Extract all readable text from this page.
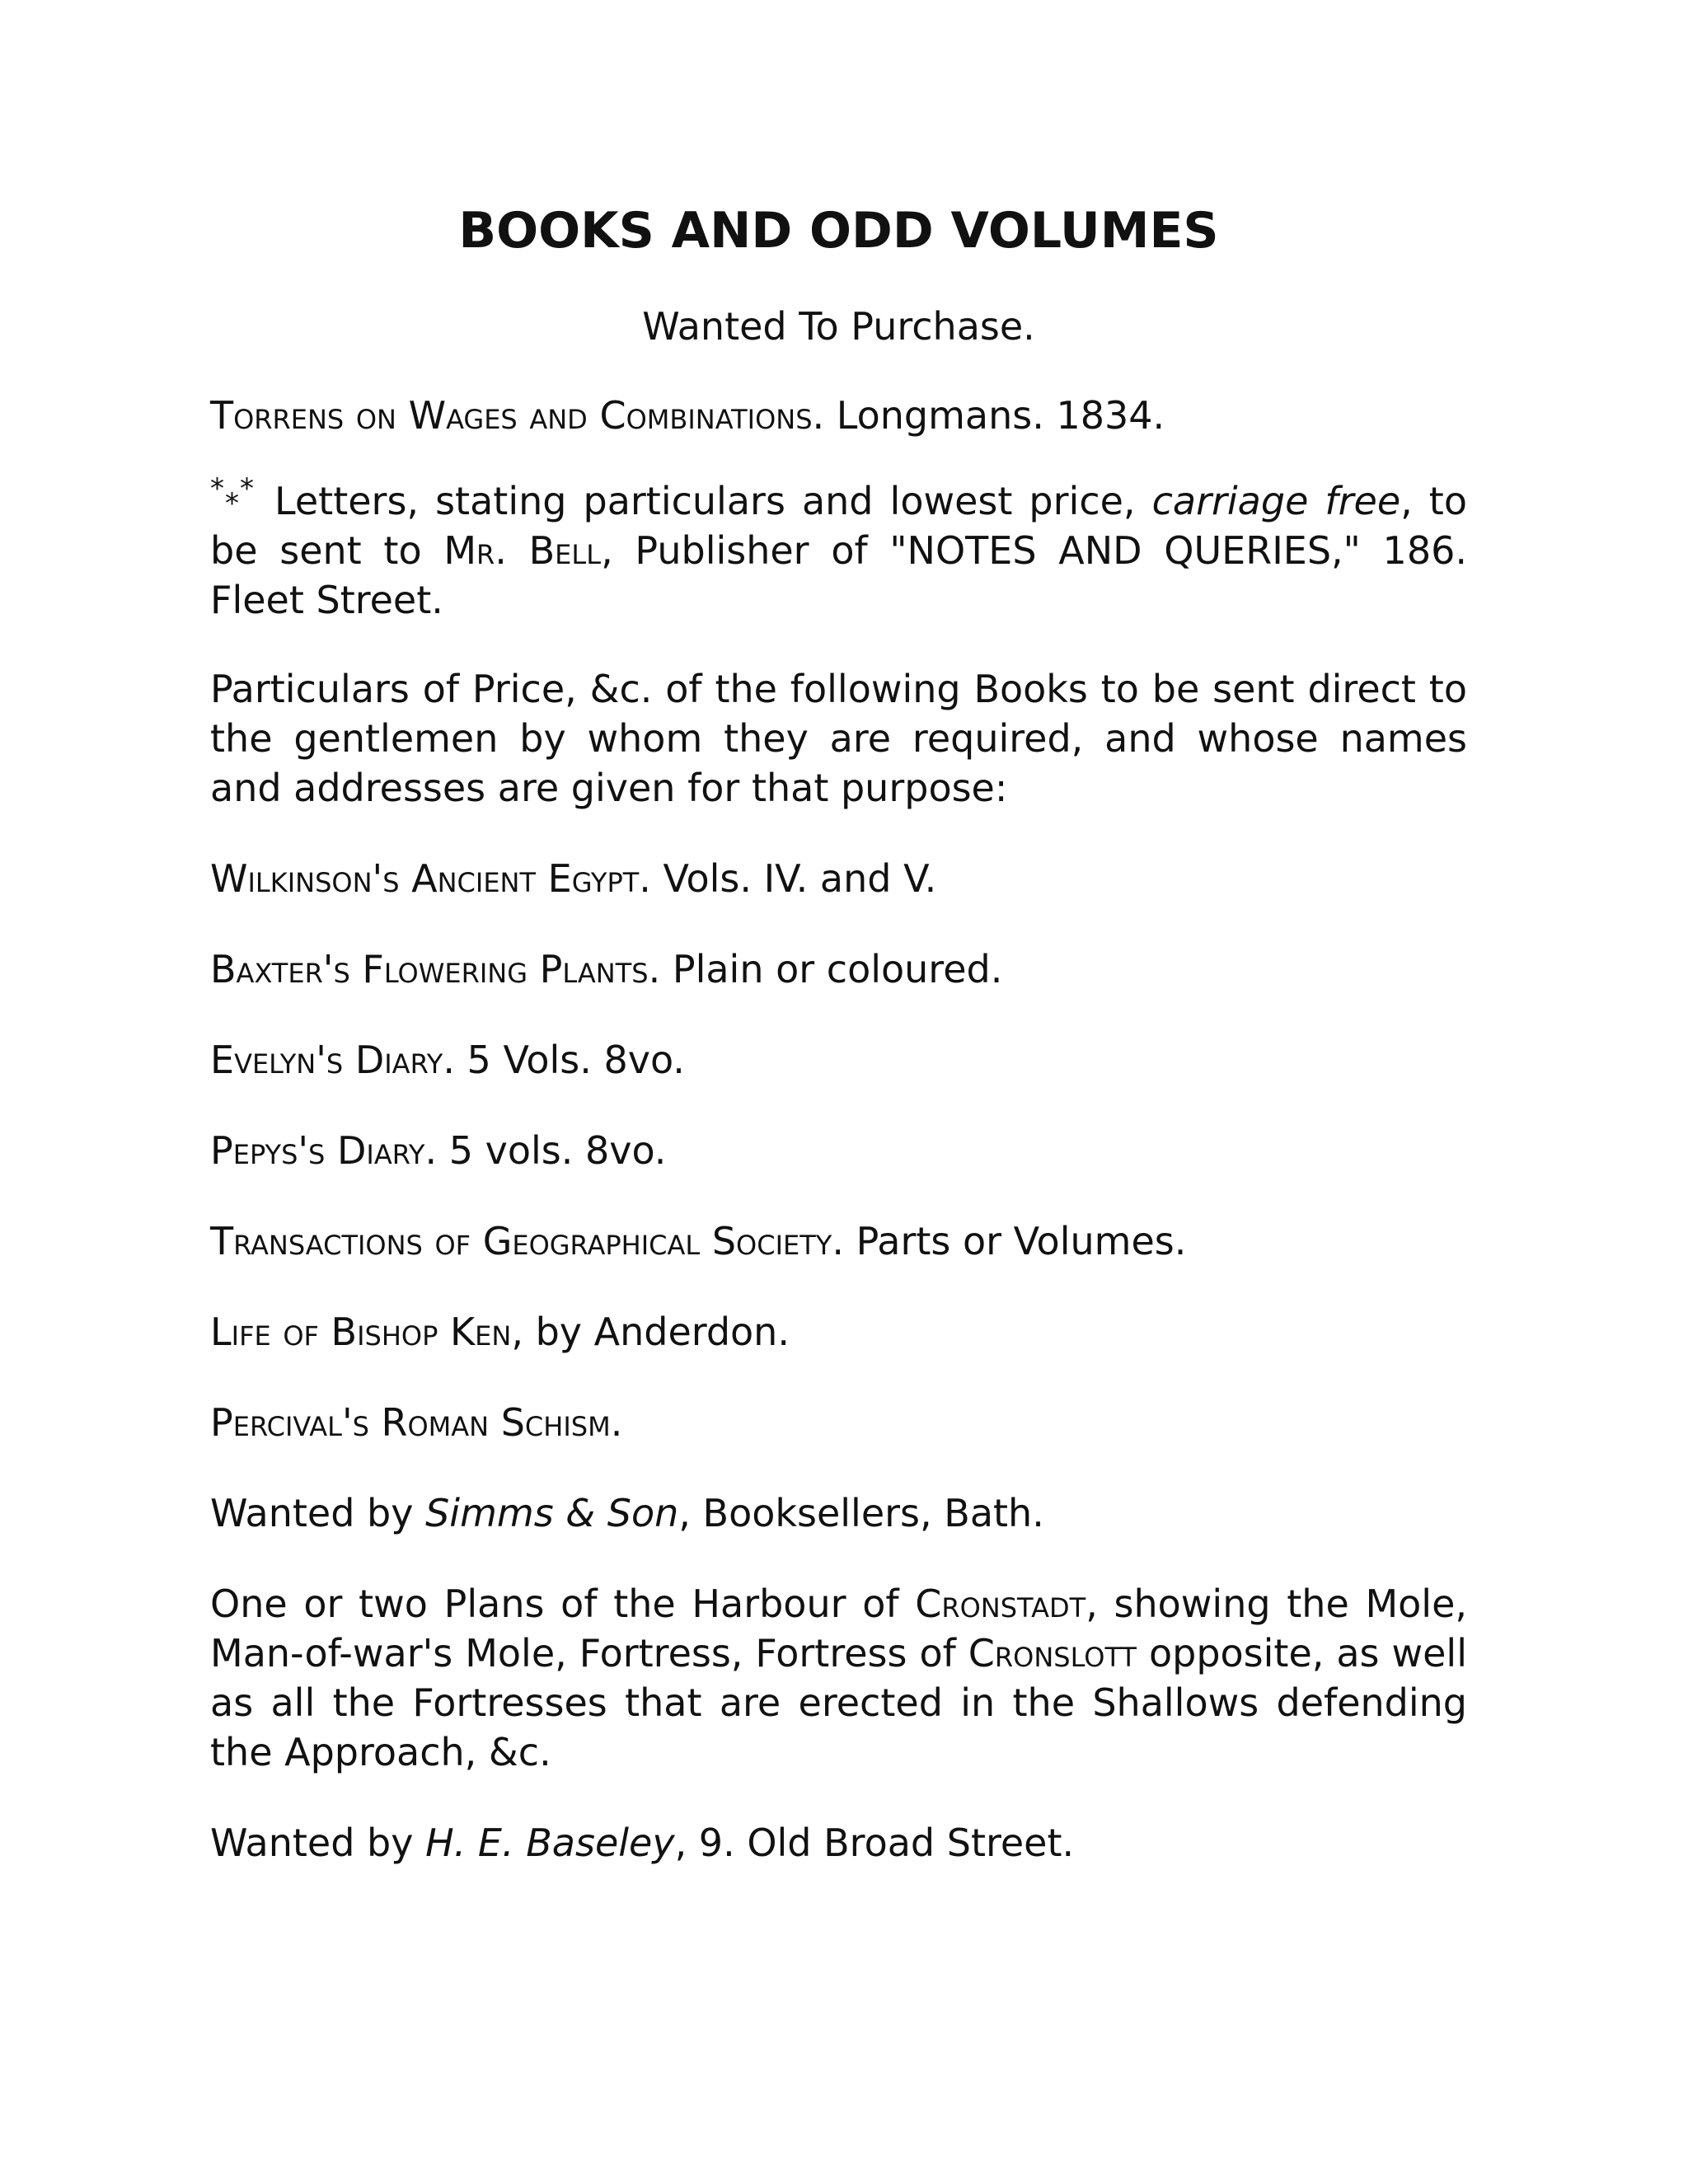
BOOKS AND ODD VOLUMES

Wanted To Purchase.

Torrens on Wages and Combinations. Longmans. 1834.

* * * Letters, stating particulars and lowest price, carriage free, to be sent to Mr. Bell, Publisher of "NOTES AND QUERIES," 186. Fleet Street.

Particulars of Price, &c. of the following Books to be sent direct to the gentlemen by whom they are required, and whose names and addresses are given for that purpose:

Wilkinson's Ancient Egypt. Vols. IV. and V.

Baxter's Flowering Plants. Plain or coloured.

Evelyn's Diary. 5 Vols. 8vo.

Pepys's Diary. 5 vols. 8vo.

Transactions of Geographical Society. Parts or Volumes.

Life of Bishop Ken, by Anderdon.

Percival's Roman Schism.

Wanted by Simms & Son, Booksellers, Bath.

One or two Plans of the Harbour of Cronstadt, showing the Mole, Man-of-war's Mole, Fortress, Fortress of Cronslott opposite, as well as all the Fortresses that are erected in the Shallows defending the Approach, &c.

Wanted by H. E. Baseley, 9. Old Broad Street.
